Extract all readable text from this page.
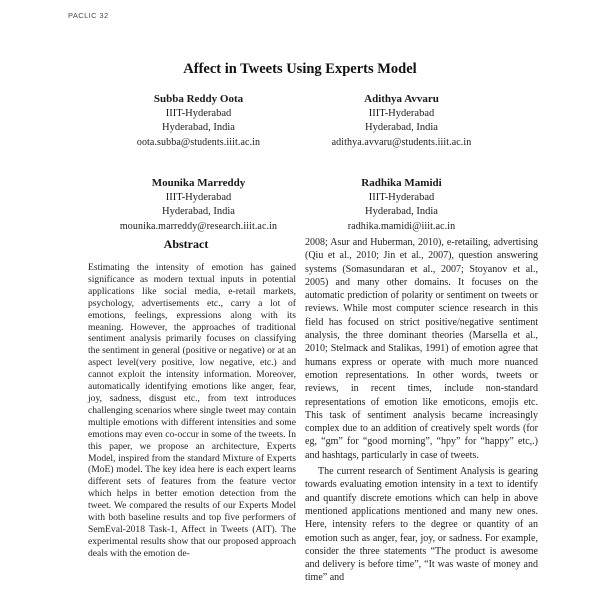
PACLIC 32
Affect in Tweets Using Experts Model
Subba Reddy Oota
IIIT-Hyderabad
Hyderabad, India
oota.subba@students.iiit.ac.in
Adithya Avvaru
IIIT-Hyderabad
Hyderabad, India
adithya.avvaru@students.iiit.ac.in
Mounika Marreddy
IIIT-Hyderabad
Hyderabad, India
mounika.marreddy@research.iiit.ac.in
Radhika Mamidi
IIIT-Hyderabad
Hyderabad, India
radhika.mamidi@iiit.ac.in
Abstract

Estimating the intensity of emotion has gained significance as modern textual inputs in potential applications like social media, e-retail markets, psychology, advertisements etc., carry a lot of emotions, feelings, expressions along with its meaning. However, the approaches of traditional sentiment analysis primarily focuses on classifying the sentiment in general (positive or negative) or at an aspect level(very positive, low negative, etc.) and cannot exploit the intensity information. Moreover, automatically identifying emotions like anger, fear, joy, sadness, disgust etc., from text introduces challenging scenarios where single tweet may contain multiple emotions with different intensities and some emotions may even co-occur in some of the tweets. In this paper, we propose an architecture, Experts Model, inspired from the standard Mixture of Experts (MoE) model. The key idea here is each expert learns different sets of features from the feature vector which helps in better emotion detection from the tweet. We compared the results of our Experts Model with both baseline results and top five performers of SemEval-2018 Task-1, Affect in Tweets (AIT). The experimental results show that our proposed approach deals with the emotion de-

2008; Asur and Huberman, 2010), e-retailing, advertising (Qiu et al., 2010; Jin et al., 2007), question answering systems (Somasundaran et al., 2007; Stoyanov et al., 2005) and many other domains. It focuses on the automatic prediction of polarity or sentiment on tweets or reviews. While most computer science research in this field has focused on strict positive/negative sentiment analysis, the three dominant theories (Marsella et al., 2010; Stelmack and Stalikas, 1991) of emotion agree that humans express or operate with much more nuanced emotion representations. In other words, tweets or reviews, in recent times, include non-standard representations of emotion like emoticons, emojis etc. This task of sentiment analysis became increasingly complex due to an addition of creatively spelt words (for eg, “gm” for “good morning”, “hpy” for “happy” etc,.) and hashtags, particularly in case of tweets.

The current research of Sentiment Analysis is gearing towards evaluating emotion intensity in a text to identify and quantify discrete emotions which can help in above mentioned applications mentioned and many new ones. Here, intensity refers to the degree or quantity of an emotion such as anger, fear, joy, or sadness. For example, consider the three statements “The product is awesome and delivery is before time”, “It was waste of money and time” and
